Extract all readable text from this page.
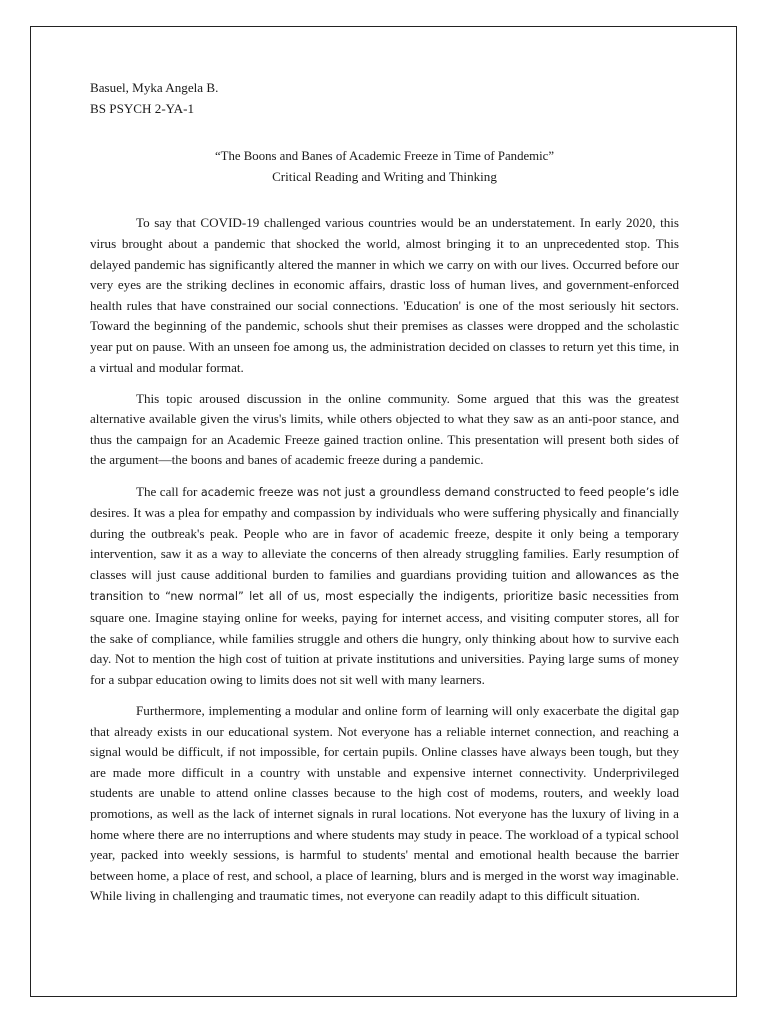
Basuel, Myka Angela B.

BS PSYCH 2-YA-1

“The Boons and Banes of Academic Freeze in Time of Pandemic”

Critical Reading and Writing and Thinking

To say that COVID-19 challenged various countries would be an understatement. In early 2020, this virus brought about a pandemic that shocked the world, almost bringing it to an unprecedented stop. This delayed pandemic has significantly altered the manner in which we carry on with our lives. Occurred before our very eyes are the striking declines in economic affairs, drastic loss of human lives, and government-enforced health rules that have constrained our social connections. 'Education' is one of the most seriously hit sectors. Toward the beginning of the pandemic, schools shut their premises as classes were dropped and the scholastic year put on pause. With an unseen foe among us, the administration decided on classes to return yet this time, in a virtual and modular format.

This topic aroused discussion in the online community. Some argued that this was the greatest alternative available given the virus's limits, while others objected to what they saw as an anti-poor stance, and thus the campaign for an Academic Freeze gained traction online. This presentation will present both sides of the argument—the boons and banes of academic freeze during a pandemic.

The call for academic freeze was not just a groundless demand constructed to feed people’s idle desires. It was a plea for empathy and compassion by individuals who were suffering physically and financially during the outbreak's peak. People who are in favor of academic freeze, despite it only being a temporary intervention, saw it as a way to alleviate the concerns of then already struggling families. Early resumption of classes will just cause additional burden to families and guardians providing tuition and allowances as the transition to “new normal” let all of us, most especially the indigents, prioritize basic necessities from square one. Imagine staying online for weeks, paying for internet access, and visiting computer stores, all for the sake of compliance, while families struggle and others die hungry, only thinking about how to survive each day. Not to mention the high cost of tuition at private institutions and universities. Paying large sums of money for a subpar education owing to limits does not sit well with many learners.

Furthermore, implementing a modular and online form of learning will only exacerbate the digital gap that already exists in our educational system. Not everyone has a reliable internet connection, and reaching a signal would be difficult, if not impossible, for certain pupils. Online classes have always been tough, but they are made more difficult in a country with unstable and expensive internet connectivity. Underprivileged students are unable to attend online classes because to the high cost of modems, routers, and weekly load promotions, as well as the lack of internet signals in rural locations. Not everyone has the luxury of living in a home where there are no interruptions and where students may study in peace. The workload of a typical school year, packed into weekly sessions, is harmful to students' mental and emotional health because the barrier between home, a place of rest, and school, a place of learning, blurs and is merged in the worst way imaginable. While living in challenging and traumatic times, not everyone can readily adapt to this difficult situation.
